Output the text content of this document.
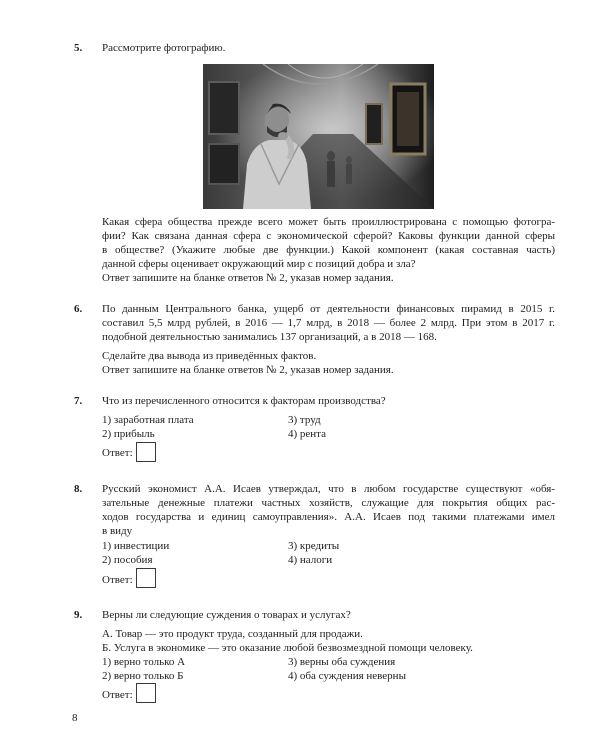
5. Рассмотрите фотографию.
Какая сфера общества прежде всего может быть проиллюстрирована с помощью фотогра-
фии? Как связана данная сфера с экономической сферой? Каковы функции данной сферы
в обществе? (Укажите любые две функции.) Какой компонент (какая составная часть)
данной сферы оценивает окружающий мир с позиций добра и зла?
Ответ запишите на бланке ответов № 2, указав номер задания.
6. По данным Центрального банка, ущерб от деятельности финансовых пирамид в 2015 г.
составил 5,5 млрд рублей, в 2016 — 1,7 млрд, в 2018 — более 2 млрд. При этом в 2017 г.
подобной деятельностью занимались 137 организаций, а в 2018 — 168.
Сделайте два вывода из приведённых фактов.
Ответ запишите на бланке ответов № 2, указав номер задания.
7. Что из перечисленного относится к факторам производства?
1) заработная плата
2) прибыль
3) труд
4) рента
Ответ:
8. Русский экономист А.А. Исаев утверждал, что в любом государстве существуют «обя-
зательные денежные платежи частных хозяйств, служащие для покрытия общих рас-
ходов государства и единиц самоуправления». А.А. Исаев под такими платежами имел
в виду
1) инвестиции
2) пособия
3) кредиты
4) налоги
Ответ:
9. Верны ли следующие суждения о товарах и услугах?
А. Товар — это продукт труда, созданный для продажи.
Б. Услуга в экономике — это оказание любой безвозмездной помощи человеку.
1) верно только А
2) верно только Б
3) верны оба суждения
4) оба суждения неверны
Ответ:
8
